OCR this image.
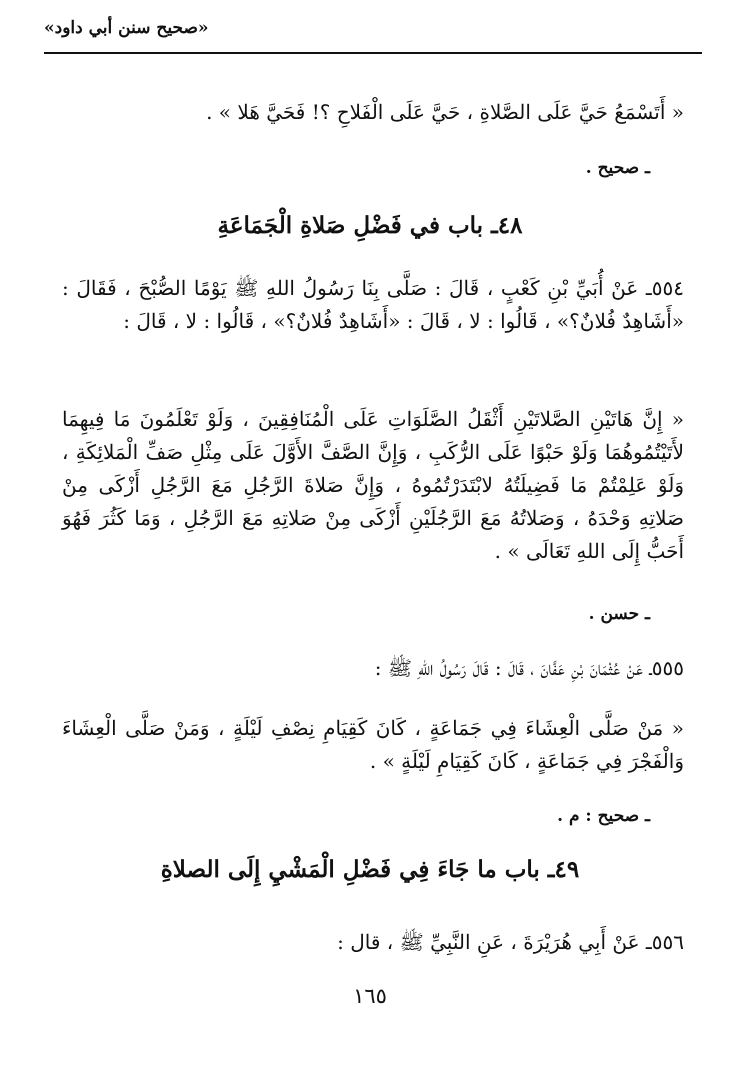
«صحيح سنن أبي داود»
« أَتَسْمَعُ حَيَّ عَلَى الصَّلاةِ ، حَيَّ عَلَى الْفَلاحِ ؟! فَحَيَّ هَلا » .
ـ صحيح .
٤٨ـ باب في فَضْلِ صَلاةِ الْجَمَاعَةِ
٥٥٤ـ عَنْ أُبَيِّ بْنِ كَعْبٍ ، قَالَ : صَلَّى بِنَا رَسُولُ اللهِ ﷺ يَوْمًا الصُّبْحَ ، فَقَالَ : «أَشَاهِدٌ فُلانٌ؟» ، قَالُوا : لا ، قَالَ : «أَشَاهِدٌ فُلانٌ؟» ، قَالُوا : لا ، قَالَ :
« إِنَّ هَاتَيْنِ الصَّلاتَيْنِ أَثْقَلُ الصَّلَوَاتِ عَلَى الْمُنَافِقِينَ ، وَلَوْ تَعْلَمُونَ مَا فِيهِمَا لأَتَيْتُمُوهُمَا وَلَوْ حَبْوًا عَلَى الرُّكَبِ ، وَإِنَّ الصَّفَّ الأَوَّلَ عَلَى مِثْلِ صَفِّ الْمَلائِكَةِ ، وَلَوْ عَلِمْتُمْ مَا فَضِيلَتُهُ لابْتَدَرْتُمُوهُ ، وَإِنَّ صَلاةَ الرَّجُلِ مَعَ الرَّجُلِ أَزْكَى مِنْ صَلاتِهِ وَحْدَهُ ، وَصَلاتُهُ مَعَ الرَّجُلَيْنِ أَزْكَى مِنْ صَلاتِهِ مَعَ الرَّجُلِ ، وَمَا كَثُرَ فَهُوَ أَحَبُّ إِلَى اللهِ تَعَالَى » .
ـ حسن .
٥٥٥ـ عَنْ عُثْمَانَ بْنِ عَفَّانَ ، قَالَ : قَالَ رَسُولُ اللهِ ﷺ :
« مَنْ صَلَّى الْعِشَاءَ فِي جَمَاعَةٍ ، كَانَ كَقِيَامِ نِصْفِ لَيْلَةٍ ، وَمَنْ صَلَّى الْعِشَاءَ وَالْفَجْرَ فِي جَمَاعَةٍ ، كَانَ كَقِيَامِ لَيْلَةٍ » .
ـ صحيح : م .
٤٩ـ باب ما جَاءَ فِي فَضْلِ الْمَشْيِ إِلَى الصلاةِ
٥٥٦ـ عَنْ أَبِي هُرَيْرَةَ ، عَنِ النَّبِيِّ ﷺ ، قال :
١٦٥
